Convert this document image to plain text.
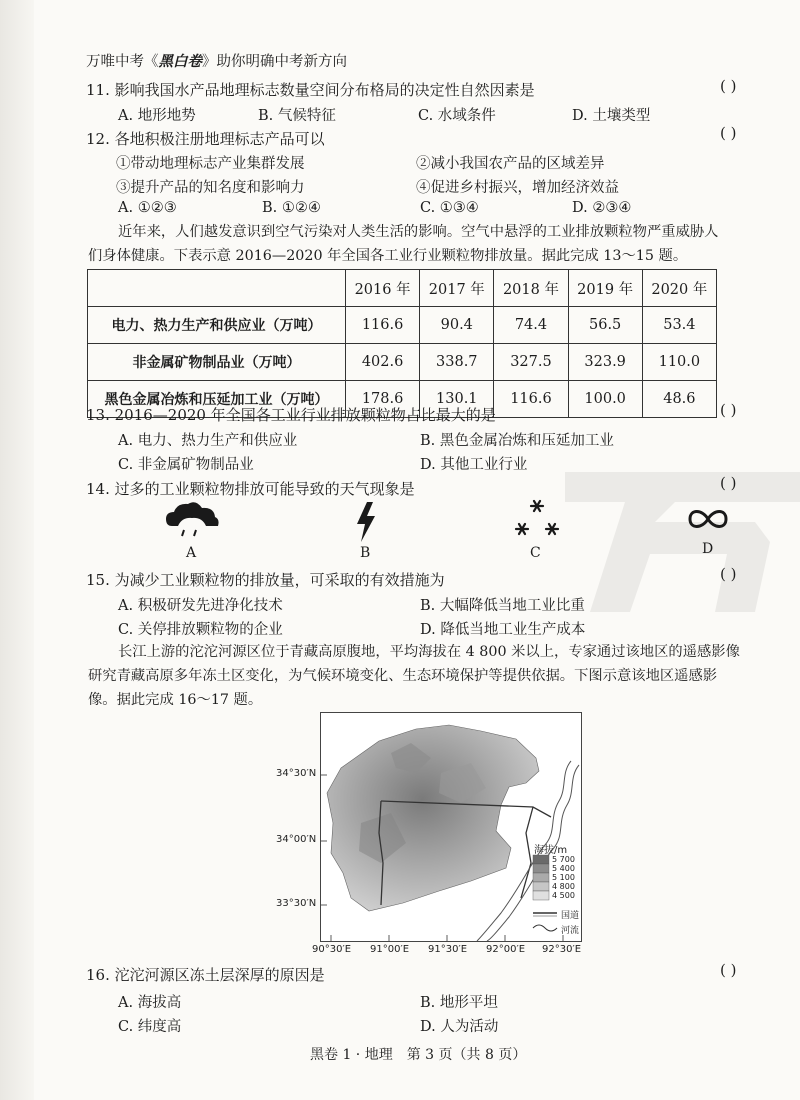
万唯中考《黑白卷》助你明确中考新方向
11. 影响我国水产品地理标志数量空间分布格局的决定性自然因素是	( )
A. 地形地势	B. 气候特征	C. 水域条件	D. 土壤类型
12. 各地积极注册地理标志产品可以	( )
①带动地理标志产业集群发展	②减小我国农产品的区域差异
③提升产品的知名度和影响力	④促进乡村振兴，增加经济效益
A. ①②③	B. ①②④	C. ①③④	D. ②③④
近年来，人们越发意识到空气污染对人类生活的影响。空气中悬浮的工业排放颗粒物严重威胁人
们身体健康。下表示意 2016—2020 年全国各工业行业颗粒物排放量。据此完成 13～15 题。
	2016 年	2017 年	2018 年	2019 年	2020 年
电力、热力生产和供应业（万吨）	116.6	90.4	74.4	56.5	53.4
非金属矿物制品业（万吨）	402.6	338.7	327.5	323.9	110.0
黑色金属冶炼和压延加工业（万吨）	178.6	130.1	116.6	100.0	48.6
13. 2016—2020 年全国各工业行业排放颗粒物占比最大的是	( )
A. 电力、热力生产和供应业	B. 黑色金属冶炼和压延加工业
C. 非金属矿物制品业	D. 其他工业行业
14. 过多的工业颗粒物排放可能导致的天气现象是	( )
A	B	C	D
15. 为减少工业颗粒物的排放量，可采取的有效措施为	( )
A. 积极研发先进净化技术	B. 大幅降低当地工业比重
C. 关停排放颗粒物的企业	D. 降低当地工业生产成本
长江上游的沱沱河源区位于青藏高原腹地，平均海拔在 4 800 米以上，专家通过该地区的遥感影像
研究青藏高原多年冻土区变化，为气候环境变化、生态环境保护等提供依据。下图示意该地区遥感影
像。据此完成 16～17 题。
海拔/m
5 700
5 400
5 100
4 800
4 500
国道
河流
34°30′N
34°00′N
33°30′N
90°30′E 91°00′E 91°30′E 92°00′E 92°30′E
16. 沱沱河源区冻土层深厚的原因是	( )
A. 海拔高	B. 地形平坦
C. 纬度高	D. 人为活动
黑卷 1 · 地理　第 3 页（共 8 页）
